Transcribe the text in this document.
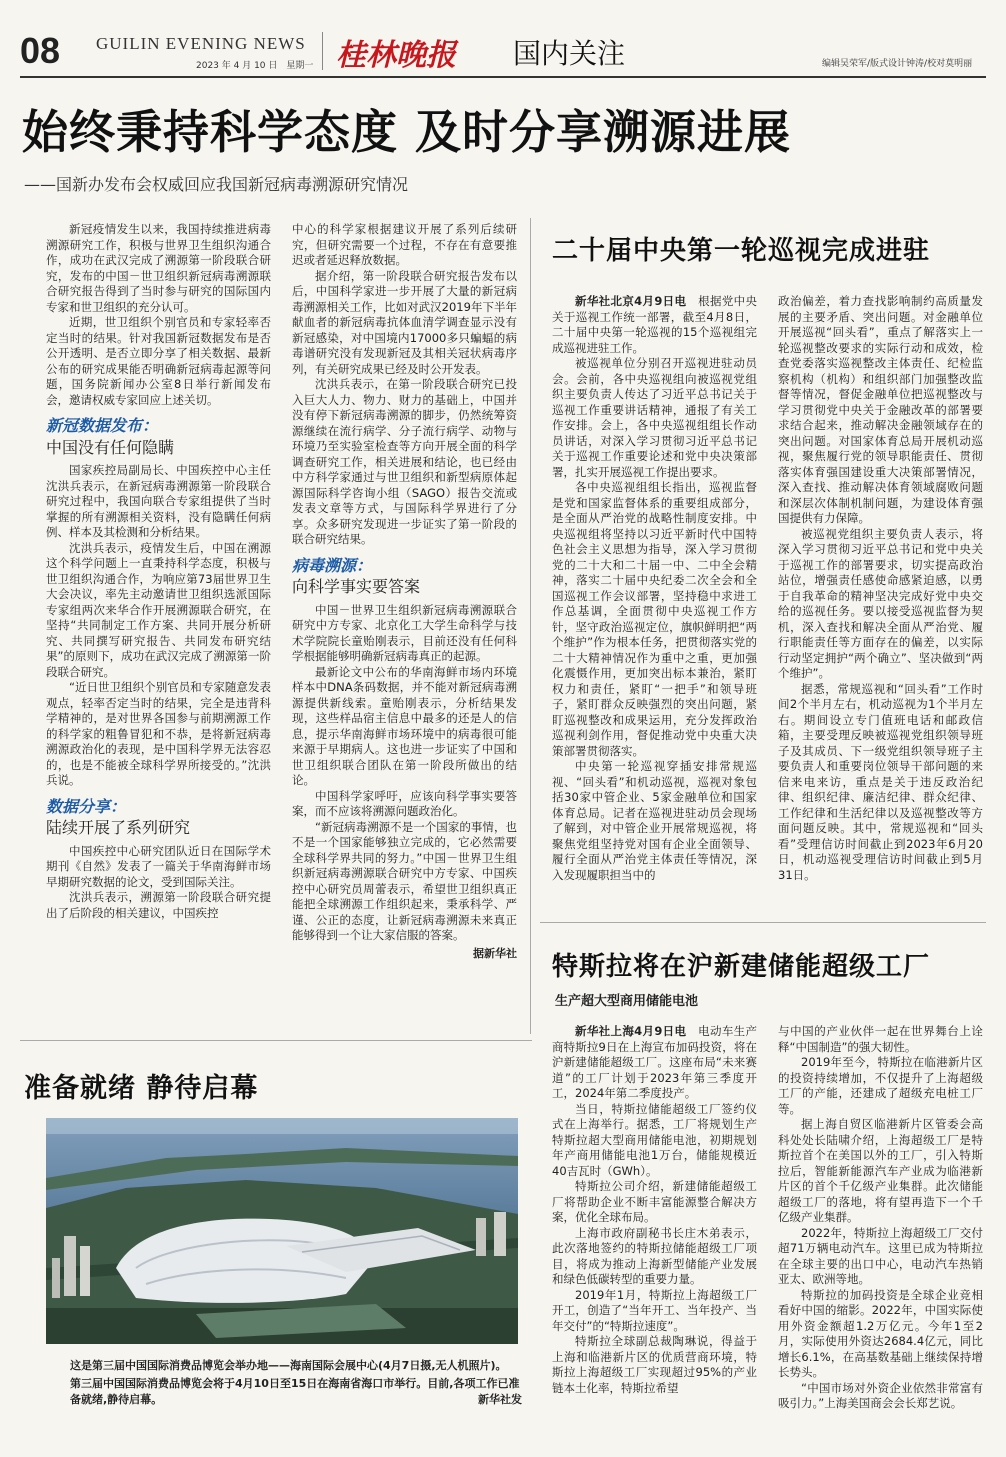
08 GUILIN EVENING NEWS
2023 年 4 月 10 日　星期一 桂林晚报 国内关注	编辑吴荣军/版式设计钟涛/校对莫明丽
始终秉持科学态度 及时分享溯源进展
——国新办发布会权威回应我国新冠病毒溯源研究情况

新冠疫情发生以来，我国持续推进病毒溯源研究工作，积极与世界卫生组织沟通合作，成功在武汉完成了溯源第一阶段联合研究，发布的中国－世卫组织新冠病毒溯源联合研究报告得到了当时参与研究的国际国内专家和世卫组织的充分认可。

近期，世卫组织个别官员和专家轻率否定当时的结果。针对我国新冠数据发布是否公开透明、是否立即分享了相关数据、最新公布的研究成果能否明确新冠病毒起源等问题，国务院新闻办公室8日举行新闻发布会，邀请权威专家回应上述关切。

新冠数据发布：
中国没有任何隐瞒

国家疾控局副局长、中国疾控中心主任沈洪兵表示，在新冠病毒溯源第一阶段联合研究过程中，我国向联合专家组提供了当时掌握的所有溯源相关资料，没有隐瞒任何病例、样本及其检测和分析结果。

沈洪兵表示，疫情发生后，中国在溯源这个科学问题上一直秉持科学态度，积极与世卫组织沟通合作，为响应第73届世界卫生大会决议，率先主动邀请世卫组织选派国际专家组两次来华合作开展溯源联合研究，在坚持“共同制定工作方案、共同开展分析研究、共同撰写研究报告、共同发布研究结果”的原则下，成功在武汉完成了溯源第一阶段联合研究。

“近日世卫组织个别官员和专家随意发表观点，轻率否定当时的结果，完全是违背科学精神的，是对世界各国参与前期溯源工作的科学家的粗鲁冒犯和不恭，是将新冠病毒溯源政治化的表现，是中国科学界无法容忍的，也是不能被全球科学界所接受的。”沈洪兵说。

数据分享：
陆续开展了系列研究

中国疾控中心研究团队近日在国际学术期刊《自然》发表了一篇关于华南海鲜市场早期研究数据的论文，受到国际关注。

沈洪兵表示，溯源第一阶段联合研究提出了后阶段的相关建议，中国疾控

中心的科学家根据建议开展了系列后续研究，但研究需要一个过程，不存在有意要推迟或者延迟释放数据。

据介绍，第一阶段联合研究报告发布以后，中国科学家进一步开展了大量的新冠病毒溯源相关工作，比如对武汉2019年下半年献血者的新冠病毒抗体血清学调查显示没有新冠感染，对中国境内17000多只蝙蝠的病毒谱研究没有发现新冠及其相关冠状病毒序列，有关研究成果已经及时公开发表。

沈洪兵表示，在第一阶段联合研究已投入巨大人力、物力、财力的基础上，中国并没有停下新冠病毒溯源的脚步，仍然统筹资源继续在流行病学、分子流行病学、动物与环境乃至实验室检查等方向开展全面的科学调查研究工作，相关进展和结论，也已经由中方科学家通过与世卫组织和新型病原体起源国际科学咨询小组（SAGO）报告交流或发表文章等方式，与国际科学界进行了分享。众多研究发现进一步证实了第一阶段的联合研究结果。

病毒溯源：
向科学事实要答案

中国－世界卫生组织新冠病毒溯源联合研究中方专家、北京化工大学生命科学与技术学院院长童贻刚表示，目前还没有任何科学根据能够明确新冠病毒真正的起源。

最新论文中公布的华南海鲜市场内环境样本中DNA条码数据，并不能对新冠病毒溯源提供新线索。童贻刚表示，分析结果发现，这些样品宿主信息中最多的还是人的信息，提示华南海鲜市场环境中的病毒很可能来源于早期病人。这也进一步证实了中国和世卫组织联合团队在第一阶段所做出的结论。

中国科学家呼吁，应该向科学事实要答案，而不应该将溯源问题政治化。

“新冠病毒溯源不是一个国家的事情，也不是一个国家能够独立完成的，它必然需要全球科学界共同的努力。”中国－世界卫生组织新冠病毒溯源联合研究中方专家、中国疾控中心研究员周蕾表示，希望世卫组织真正能把全球溯源工作组织起来，秉承科学、严谨、公正的态度，让新冠病毒溯源未来真正能够得到一个让大家信服的答案。

据新华社
二十届中央第一轮巡视完成进驻

新华社北京4月9日电　 根据党中央关于巡视工作统一部署，截至4月8日，二十届中央第一轮巡视的15个巡视组完成巡视进驻工作。

被巡视单位分别召开巡视进驻动员会。会前，各中央巡视组向被巡视党组织主要负责人传达了习近平总书记关于巡视工作重要讲话精神，通报了有关工作安排。会上，各中央巡视组组长作动员讲话，对深入学习贯彻习近平总书记关于巡视工作重要论述和党中央决策部署，扎实开展巡视工作提出要求。

各中央巡视组组长指出，巡视监督是党和国家监督体系的重要组成部分，是全面从严治党的战略性制度安排。中央巡视组将坚持以习近平新时代中国特色社会主义思想为指导，深入学习贯彻党的二十大和二十届一中、二中全会精神，落实二十届中央纪委二次全会和全国巡视工作会议部署，坚持稳中求进工作总基调，全面贯彻中央巡视工作方针，坚守政治巡视定位，旗帜鲜明把“两个维护”作为根本任务，把贯彻落实党的二十大精神情况作为重中之重，更加强化震慑作用，更加突出标本兼治，紧盯权力和责任，紧盯“一把手”和领导班子，紧盯群众反映强烈的突出问题，紧盯巡视整改和成果运用，充分发挥政治巡视利剑作用，督促推动党中央重大决策部署贯彻落实。

中央第一轮巡视穿插安排常规巡视、“回头看”和机动巡视，巡视对象包括30家中管企业、5家金融单位和国家体育总局。记者在巡视进驻动员会现场了解到，对中管企业开展常规巡视，将聚焦党组坚持党对国有企业全面领导、履行全面从严治党主体责任等情况，深入发现履职担当中的

政治偏差，着力查找影响制约高质量发展的主要矛盾、突出问题。对金融单位开展巡视“回头看”，重点了解落实上一轮巡视整改要求的实际行动和成效，检查党委落实巡视整改主体责任、纪检监察机构（机构）和组织部门加强整改监督等情况，督促金融单位把巡视整改与学习贯彻党中央关于金融改革的部署要求结合起来，推动解决金融领域存在的突出问题。对国家体育总局开展机动巡视，聚焦履行党的领导职能责任、贯彻落实体育强国建设重大决策部署情况，深入查找、推动解决体育领域腐败问题和深层次体制机制问题，为建设体育强国提供有力保障。

被巡视党组织主要负责人表示，将深入学习贯彻习近平总书记和党中央关于巡视工作的部署要求，切实提高政治站位，增强责任感使命感紧迫感，以勇于自我革命的精神坚决完成好党中央交给的巡视任务。要以接受巡视监督为契机，深入查找和解决全面从严治党、履行职能责任等方面存在的偏差，以实际行动坚定拥护“两个确立”、坚决做到“两个维护”。

据悉，常规巡视和“回头看”工作时间2个半月左右，机动巡视为1个半月左右。期间设立专门值班电话和邮政信箱，主要受理反映被巡视党组织领导班子及其成员、下一级党组织领导班子主要负责人和重要岗位领导干部问题的来信来电来访，重点是关于违反政治纪律、组织纪律、廉洁纪律、群众纪律、工作纪律和生活纪律以及巡视整改等方面问题反映。其中，常规巡视和“回头看”受理信访时间截止到2023年6月20日，机动巡视受理信访时间截止到5月31日。

特斯拉将在沪新建储能超级工厂
生产超大型商用储能电池

新华社上海4月9日电　 电动车生产商特斯拉9日在上海宣布加码投资，将在沪新建储能超级工厂。这座布局“未来赛道”的工厂计划于2023年第三季度开工，2024年第二季度投产。

当日，特斯拉储能超级工厂签约仪式在上海举行。据悉，工厂将规划生产特斯拉超大型商用储能电池，初期规划年产商用储能电池1万台，储能规模近40吉瓦时（GWh）。

特斯拉公司介绍，新建储能超级工厂将帮助企业不断丰富能源整合解决方案，优化全球布局。

上海市政府副秘书长庄木弟表示，此次落地签约的特斯拉储能超级工厂项目，将成为推动上海新型储能产业发展和绿色低碳转型的重要力量。

2019年1月，特斯拉上海超级工厂开工，创造了“当年开工、当年投产、当年交付”的“特斯拉速度”。

特斯拉全球副总裁陶琳说，得益于上海和临港新片区的优质营商环境，特斯拉上海超级工厂实现超过95%的产业链本土化率，特斯拉希望

与中国的产业伙伴一起在世界舞台上诠释“中国制造”的强大韧性。

2019年至今，特斯拉在临港新片区的投资持续增加，不仅提升了上海超级工厂的产能，还建成了超级充电桩工厂等。

据上海自贸区临港新片区管委会高科处处长陆啸介绍，上海超级工厂是特斯拉首个在美国以外的工厂，引入特斯拉后，智能新能源汽车产业成为临港新片区的首个千亿级产业集群。此次储能超级工厂的落地，将有望再造下一个千亿级产业集群。

2022年，特斯拉上海超级工厂交付超71万辆电动汽车。这里已成为特斯拉在全球主要的出口中心，电动汽车热销亚太、欧洲等地。

特斯拉的加码投资是全球企业竞相看好中国的缩影。2022年，中国实际使用外资金额超1.2万亿元。今年1至2月，实际使用外资达2684.4亿元，同比增长6.1%，在高基数基础上继续保持增长势头。

“中国市场对外资企业依然非常富有吸引力。”上海美国商会会长郑艺说。

准备就绪 静待启幕
这是第三届中国国际消费品博览会举办地——海南国际会展中心(4月7日摄,无人机照片)。
第三届中国国际消费品博览会将于4月10日至15日在海南省海口市举行。目前,各项工作已准备就绪,静待启幕。	新华社发
